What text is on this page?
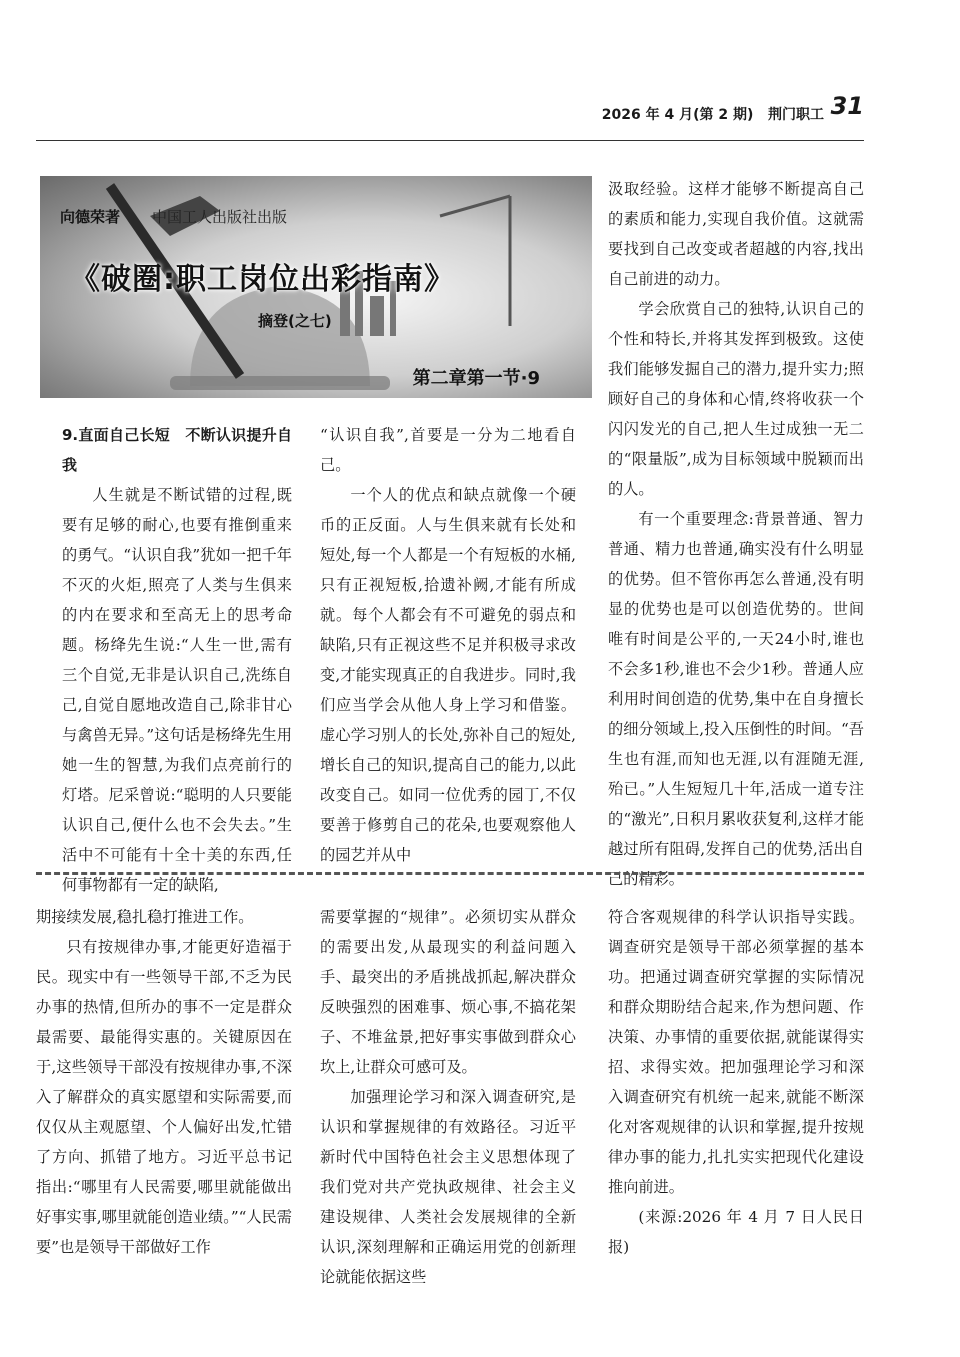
2026 年 4 月(第 2 期) 荆门职工 31
向德荣著 中国工人出版社出版
《破圈:职工岗位出彩指南》
摘登(之七)
第二章第一节·9

9.直面自己长短　不断认识提升自我

人生就是不断试错的过程,既要有足够的耐心,也要有推倒重来的勇气。“认识自我”犹如一把千年不灭的火炬,照亮了人类与生俱来的内在要求和至高无上的思考命题。杨绛先生说:“人生一世,需有三个自觉,无非是认识自己,洗练自己,自觉自愿地改造自己,除非甘心与禽兽无异。”这句话是杨绛先生用她一生的智慧,为我们点亮前行的灯塔。尼采曾说:“聪明的人只要能认识自己,便什么也不会失去。”生活中不可能有十全十美的东西,任何事物都有一定的缺陷,

“认识自我”,首要是一分为二地看自己。

一个人的优点和缺点就像一个硬币的正反面。人与生俱来就有长处和短处,每一个人都是一个有短板的水桶,只有正视短板,拾遗补阙,才能有所成就。每个人都会有不可避免的弱点和缺陷,只有正视这些不足并积极寻求改变,才能实现真正的自我进步。同时,我们应当学会从他人身上学习和借鉴。虚心学习别人的长处,弥补自己的短处,增长自己的知识,提高自己的能力,以此改变自己。如同一位优秀的园丁,不仅要善于修剪自己的花朵,也要观察他人的园艺并从中

汲取经验。这样才能够不断提高自己的素质和能力,实现自我价值。这就需要找到自己改变或者超越的内容,找出自己前进的动力。

学会欣赏自己的独特,认识自己的个性和特长,并将其发挥到极致。这使我们能够发掘自己的潜力,提升实力;照顾好自己的身体和心情,终将收获一个闪闪发光的自己,把人生过成独一无二的“限量版”,成为目标领域中脱颖而出的人。

有一个重要理念:背景普通、智力普通、精力也普通,确实没有什么明显的优势。但不管你再怎么普通,没有明显的优势也是可以创造优势的。世间唯有时间是公平的,一天24小时,谁也不会多1秒,谁也不会少1秒。普通人应利用时间创造的优势,集中在自身擅长的细分领域上,投入压倒性的时间。“吾生也有涯,而知也无涯,以有涯随无涯,殆已。”人生短短几十年,活成一道专注的“激光”,日积月累收获复利,这样才能越过所有阻碍,发挥自己的优势,活出自己的精彩。

期接续发展,稳扎稳打推进工作。

只有按规律办事,才能更好造福于民。现实中有一些领导干部,不乏为民办事的热情,但所办的事不一定是群众最需要、最能得实惠的。关键原因在于,这些领导干部没有按规律办事,不深入了解群众的真实愿望和实际需要,而仅仅从主观愿望、个人偏好出发,忙错了方向、抓错了地方。习近平总书记指出:“哪里有人民需要,哪里就能做出好事实事,哪里就能创造业绩。”“人民需要”也是领导干部做好工作

需要掌握的“规律”。必须切实从群众的需要出发,从最现实的利益问题入手、最突出的矛盾挑战抓起,解决群众反映强烈的困难事、烦心事,不搞花架子、不堆盆景,把好事实事做到群众心坎上,让群众可感可及。

加强理论学习和深入调查研究,是认识和掌握规律的有效路径。习近平新时代中国特色社会主义思想体现了我们党对共产党执政规律、社会主义建设规律、人类社会发展规律的全新认识,深刻理解和正确运用党的创新理论就能依据这些

符合客观规律的科学认识指导实践。调查研究是领导干部必须掌握的基本功。把通过调查研究掌握的实际情况和群众期盼结合起来,作为想问题、作决策、办事情的重要依据,就能谋得实招、求得实效。把加强理论学习和深入调查研究有机统一起来,就能不断深化对客观规律的认识和掌握,提升按规律办事的能力,扎扎实实把现代化建设推向前进。

(来源:2026 年 4 月 7 日人民日报)
